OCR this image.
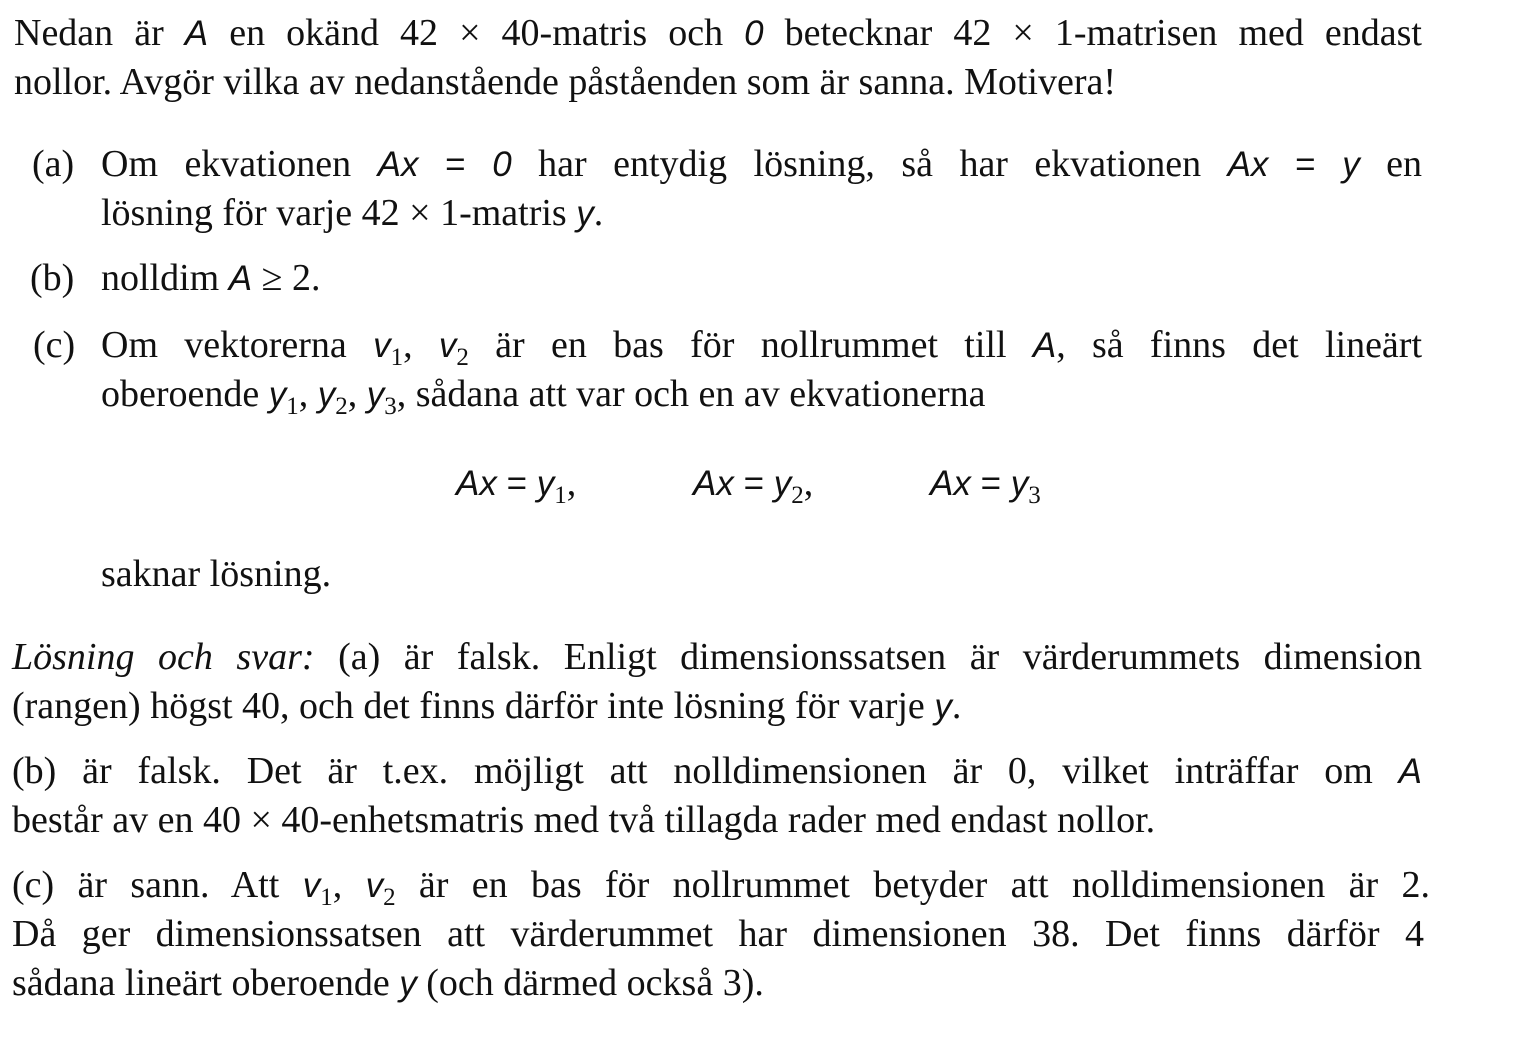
Nedan är A en okänd 42 × 40-matris och 0 betecknar 42 × 1-matrisen med endast
nollor. Avgör vilka av nedanstående påståenden som är sanna. Motivera!
(a) Om ekvationen Ax = 0 har entydig lösning, så har ekvationen Ax = y en
lösning för varje 42 × 1-matris y.
(b) nolldim A ≥ 2.
(c) Om vektorerna $v_1$, $v_2$ är en bas för nollrummet till A, så finns det lineärt
oberoende $y_1$, $y_2$, $y_3$, sådana att var och en av ekvationerna
$Ax = y_1$,	$Ax = y_2$,	$Ax = y_3$
saknar lösning.
Lösning och svar: (a) är falsk. Enligt dimensionssatsen är värderummets dimension
(rangen) högst 40, och det finns därför inte lösning för varje y.
(b) är falsk. Det är t.ex. möjligt att nolldimensionen är 0, vilket inträffar om A
består av en 40 × 40-enhetsmatris med två tillagda rader med endast nollor.
(c) är sann. Att $v_1$, $v_2$ är en bas för nollrummet betyder att nolldimensionen är 2.
Då ger dimensionssatsen att värderummet har dimensionen 38. Det finns därför 4
sådana lineärt oberoende y (och därmed också 3).
